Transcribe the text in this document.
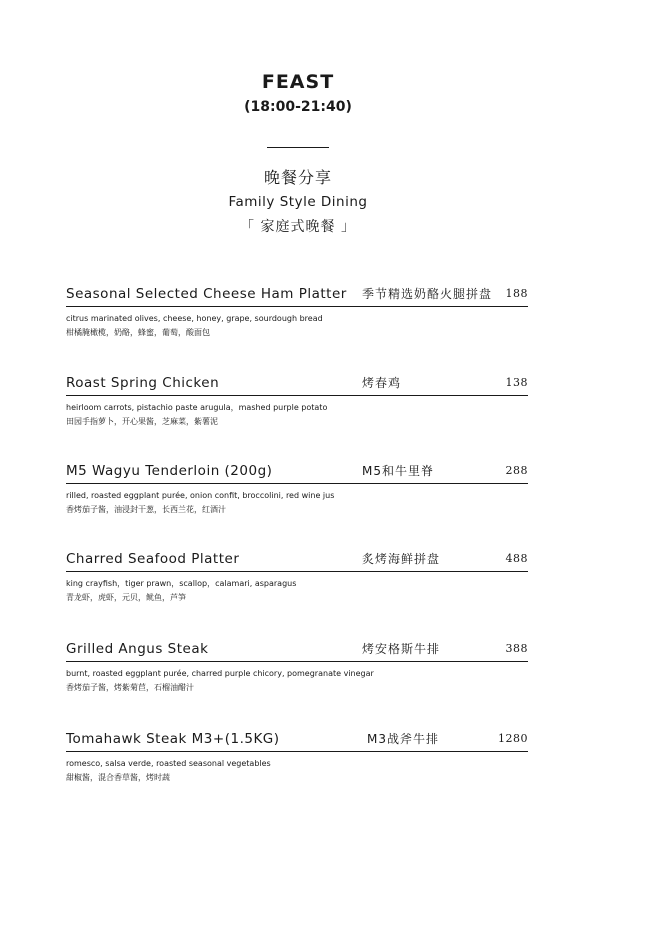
FEAST
(18:00-21:40)
晚餐分享
Family Style Dining
「 家庭式晚餐 」
Seasonal Selected Cheese Ham Platter 季节精选奶酪火腿拼盘 188
citrus marinated olives, cheese, honey, grape, sourdough bread
柑橘腌橄榄，奶酪，蜂蜜，葡萄，酸面包
Roast Spring Chicken	烤春鸡	138
heirloom carrots, pistachio paste arugula，mashed purple potato
田园手指萝卜，开心果酱，芝麻菜，紫薯泥
M5 Wagyu Tenderloin (200g)	M5和牛里脊	288
rilled, roasted eggplant purée, onion confit, broccolini, red wine jus
香烤茄子酱，油浸封干葱，长西兰花，红酒汁
Charred Seafood Platter	炙烤海鲜拼盘	488
king crayfish，tiger prawn，scallop，calamari, asparagus
青龙虾，虎虾，元贝，鱿鱼，芦笋
Grilled Angus Steak	烤安格斯牛排	388
burnt, roasted eggplant purée, charred purple chicory, pomegranate vinegar
香烤茄子酱，烤紫菊苣，石榴油醋汁
Tomahawk Steak M3+(1.5KG)	M3战斧牛排	1280
romesco, salsa verde, roasted seasonal vegetables
甜椒酱，混合香草酱，烤时蔬
